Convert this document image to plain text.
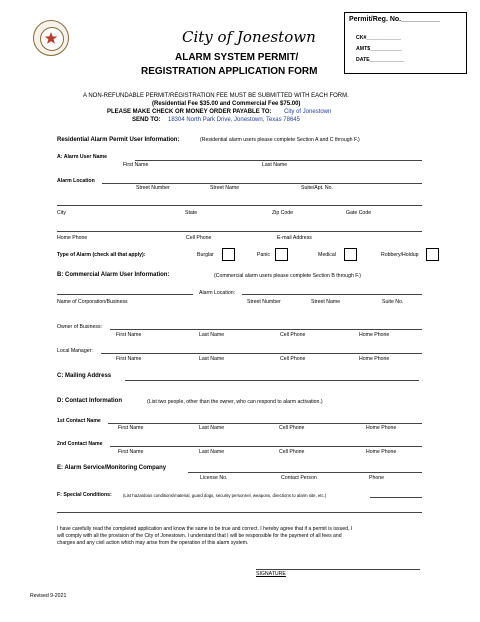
City of Jonestown
ALARM SYSTEM PERMIT/
REGISTRATION APPLICATION FORM
Permit/Reg. No.__________
CK#____________
AMT$___________
DATE____________
A NON-REFUNDABLE PERMIT/REGISTRATION FEE MUST BE SUBMITTED WITH EACH FORM.
(Residential Fee $35.00 and Commercial Fee $75.00)
PLEASE MAKE CHECK OR MONEY ORDER PAYABLE TO: City of Jonestown
SEND TO: 18304 North Park Drive, Jonestown, Texas 78645
Residential Alarm Permit User Information:	(Residential alarm users please complete Section A and C through F.)
A: Alarm User Name
First Name	Last Name
Alarm Location
Street Number	Street Name	Suite/Apt. No.
City	State	Zip Code	Gate Code
Home Phone	Cell Phone	E-mail Address
Type of Alarm (check all that apply):	Burglar	Panic	Medical	Robbery/Holdup
B: Commercial Alarm User Information:	(Commercial alarm users please complete Section B through F.)
Alarm Location:
Name of Corporation/Business	Street Number	Street Name	Suite No.
Owner of Business:
First Name	Last Name	Cell Phone	Home Phone
Local Manager:
First Name	Last Name	Cell Phone	Home Phone
C: Mailing Address
D: Contact Information	(List two people, other than the owner, who can respond to alarm activation.)
1st Contact Name
First Name	Last Name	Cell Phone	Home Phone
2nd Contact Name
First Name	Last Name	Cell Phone	Home Phone
E: Alarm Service/Monitoring Company
License No.	Contact Person	Phone
F: Special Conditions:	(List hazardous conditions/material, guard dogs, security personnel, weapons, directions to alarm site, etc.)
I have carefully read the completed application and know the same to be true and correct. I hereby agree that if a permit is issued, I
will comply with all the provision of the City of Jonestown. I understand that I will be responsible for the payment of all fees and
charges and any civil action which may arise from the operation of this alarm system.
SIGNATURE
Revised 9-2021
